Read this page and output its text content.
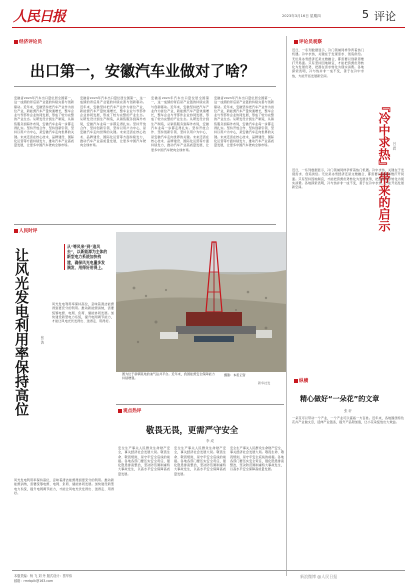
人民日报	2023年3月16日 星期四	5 评论
经济评论员
出口第一，安徽汽车业做对了啥？
安徽省2023年汽车出口量位居全国第一，这一成绩的背后是产业链的持续完善与创新驱动。近年来，安徽坚持把汽车产业作为首位产业，新能源汽车产量快速增长，整车企业与零部件企业协同发展，形成了较为完整的产业生态。从研发设计到生产制造，从销售服务到海外布局，安徽汽车业每一步都走得扎实。坚持开放合作、坚持创新引领、坚持以用户为中心，是安徽汽车走向世界的关键。未来还需在核心技术、品牌建设、国际化运营等方面持续发力，推动汽车产业高质量发展，让更多中国汽车驶向全球市场。
安徽省2023年汽车出口量位居全国第一，这一成绩的背后是产业链的持续完善与创新驱动。近年来，安徽坚持把汽车产业作为首位产业，新能源汽车产量快速增长，整车企业与零部件企业协同发展，形成了较为完整的产业生态。从研发设计到生产制造，从销售服务到海外布局，安徽汽车业每一步都走得扎实。坚持开放合作、坚持创新引领、坚持以用户为中心，是安徽汽车走向世界的关键。未来还需在核心技术、品牌建设、国际化运营等方面持续发力，推动汽车产业高质量发展，让更多中国汽车驶向全球市场。
安徽省2023年汽车出口量位居全国第一，这一成绩的背后是产业链的持续完善与创新驱动。近年来，安徽坚持把汽车产业作为首位产业，新能源汽车产量快速增长，整车企业与零部件企业协同发展，形成了较为完整的产业生态。从研发设计到生产制造，从销售服务到海外布局，安徽汽车业每一步都走得扎实。坚持开放合作、坚持创新引领、坚持以用户为中心，是安徽汽车走向世界的关键。未来还需在核心技术、品牌建设、国际化运营等方面持续发力，推动汽车产业高质量发展，让更多中国汽车驶向全球市场。
安徽省2023年汽车出口量位居全国第一，这一成绩的背后是产业链的持续完善与创新驱动。近年来，安徽坚持把汽车产业作为首位产业，新能源汽车产量快速增长，整车企业与零部件企业协同发展，形成了较为完整的产业生态。从研发设计到生产制造，从销售服务到海外布局，安徽汽车业每一步都走得扎实。坚持开放合作、坚持创新引领、坚持以用户为中心，是安徽汽车走向世界的关键。未来还需在核心技术、品牌建设、国际化运营等方面持续发力，推动汽车产业高质量发展，让更多中国汽车驶向全球市场。
评论员观察
近日，一系列数据显示，冷门领域同样孕育着热门机遇。冷中求热，关键在于发现需求、创造供给。无论是冰雪经济还是文旅融合，都需要以创新思维打开局面。只有坚持因地制宜，才能把资源优势转化为发展优势，把潜在需求转化为现实消费。各地探索表明，冷与热并非一成不变，善于在冷中求热，方能开拓发展新空间。
『冷中求热』带来的启示 吕 碧
近日，一系列数据显示，冷门领域同样孕育着热门机遇。冷中求热，关键在于发现需求、创造供给。无论是冰雪经济还是文旅融合，都需要以创新思维打开局面。只有坚持因地制宜，才能把资源优势转化为发展优势，把潜在需求转化为现实消费。各地探索表明，冷与热并非一成不变，善于在冷中求热，方能开拓发展新空间。
纵横
精心做好“一朵花”的文章
张 轩
一朵花可以带动一个产业，一个产业可以富裕一方百姓。近年来，各地围绕特色花卉产业做文章，延伸产业链条，提升产品附加值，让小花朵绽放出大效益。
人民时评
让风光发电利用率保持高位	张 波
从“等风来”到“追风去”，以新能源为主体的新型电力系统加快构建，确保风光电量多发满发、用得好用得上。
风光发电利用率保持高位，意味着清洁能源得到更充分的利用。推动新能源消纳，需要统筹电源、电网、负荷、储能协同发展。加快建设新型电力系统，提升电网调节能力，才能让风电光伏发得出、送得走、用得好。
风光发电利用率保持高位，意味着清洁能源得到更充分的利用。推动新能源消纳，需要统筹电源、电网、负荷、储能协同发展。加快建设新型电力系统，提升电网调节能力，才能让风电光伏发得出、送得走、用得好。
图为位于新疆某地的油气钻井平台。近年来，我国能源安全保障能力持续增强。
摄影：本报记者
新华社发
观点热评
敬畏无畏，更需严守安全
李 成
安全生产事关人民群众生命财产安全，事关经济社会发展大局。敬畏生命、敬畏规则，是守牢安全底线的前提。各地各部门要压实安全责任，强化隐患排查整治，坚决防范遏制重特大事故发生，以高水平安全保障高质量发展。
安全生产事关人民群众生命财产安全，事关经济社会发展大局。敬畏生命、敬畏规则，是守牢安全底线的前提。各地各部门要压实安全责任，强化隐患排查整治，坚决防范遏制重特大事故发生，以高水平安全保障高质量发展。
安全生产事关人民群众生命财产安全，事关经济社会发展大局。敬畏生命、敬畏规则，是守牢安全底线的前提。各地各部门要压实安全责任，强化隐患排查整治，坚决防范遏制重特大事故发生，以高水平安全保障高质量发展。
本版责编：杨 飞 刘 丹 版式设计：蔡华伟
邮箱：rmrbplk@163.com
新浪微博 @人民日报
